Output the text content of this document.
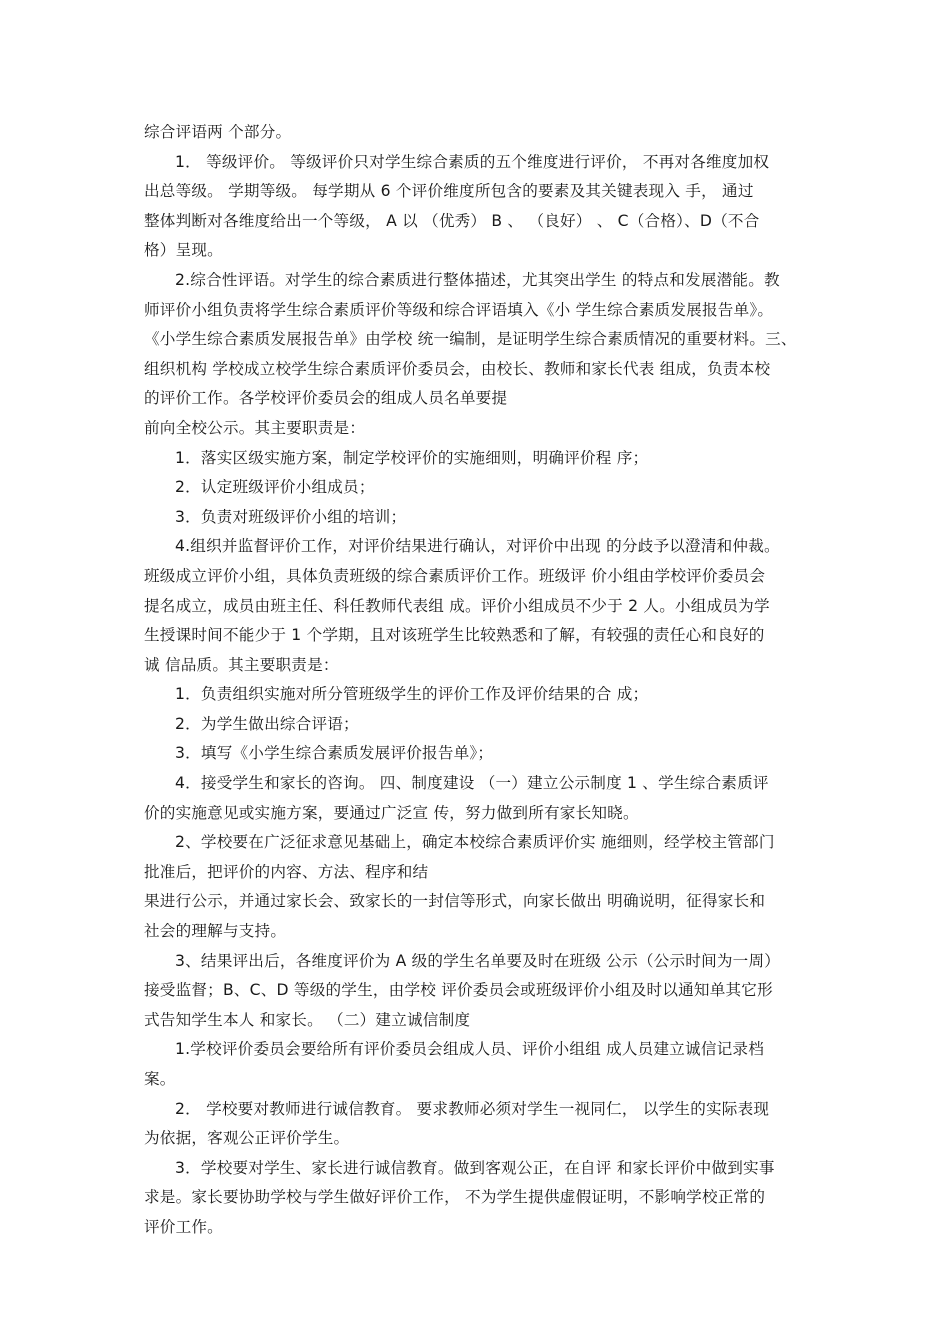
综合评语两 个部分。
1． 等级评价。 等级评价只对学生综合素质的五个维度进行评价， 不再对各维度加权
出总等级。 学期等级。 每学期从 6 个评价维度所包含的要素及其关键表现入 手， 通过
整体判断对各维度给出一个等级， A 以 （优秀） B 、 （良好） 、 C（合格）、D（不合
格）呈现。
2.综合性评语。对学生的综合素质进行整体描述，尤其突出学生 的特点和发展潜能。教
师评价小组负责将学生综合素质评价等级和综合评语填入《小 学生综合素质发展报告单》。
《小学生综合素质发展报告单》由学校 统一编制，是证明学生综合素质情况的重要材料。三、
组织机构 学校成立校学生综合素质评价委员会，由校长、教师和家长代表 组成，负责本校
的评价工作。各学校评价委员会的组成人员名单要提
前向全校公示。其主要职责是：
1．落实区级实施方案，制定学校评价的实施细则，明确评价程 序；
2．认定班级评价小组成员；
3．负责对班级评价小组的培训；
4.组织并监督评价工作，对评价结果进行确认，对评价中出现 的分歧予以澄清和仲裁。
班级成立评价小组，具体负责班级的综合素质评价工作。班级评 价小组由学校评价委员会
提名成立，成员由班主任、科任教师代表组 成。评价小组成员不少于 2 人。小组成员为学
生授课时间不能少于 1 个学期，且对该班学生比较熟悉和了解，有较强的责任心和良好的
诚 信品质。其主要职责是：
1．负责组织实施对所分管班级学生的评价工作及评价结果的合 成；
2．为学生做出综合评语；
3．填写《小学生综合素质发展评价报告单》；
4．接受学生和家长的咨询。 四、制度建设 （一）建立公示制度 1 、学生综合素质评
价的实施意见或实施方案，要通过广泛宣 传，努力做到所有家长知晓。
2、学校要在广泛征求意见基础上，确定本校综合素质评价实 施细则，经学校主管部门
批准后，把评价的内容、方法、程序和结
果进行公示，并通过家长会、致家长的一封信等形式，向家长做出 明确说明，征得家长和
社会的理解与支持。
3、结果评出后，各维度评价为 A 级的学生名单要及时在班级 公示（公示时间为一周）
接受监督；B、C、D 等级的学生，由学校 评价委员会或班级评价小组及时以通知单其它形
式告知学生本人 和家长。 （二）建立诚信制度
1.学校评价委员会要给所有评价委员会组成人员、评价小组组 成人员建立诚信记录档
案。
2． 学校要对教师进行诚信教育。 要求教师必须对学生一视同仁， 以学生的实际表现
为依据，客观公正评价学生。
3．学校要对学生、家长进行诚信教育。做到客观公正，在自评 和家长评价中做到实事
求是。家长要协助学校与学生做好评价工作， 不为学生提供虚假证明，不影响学校正常的
评价工作。
